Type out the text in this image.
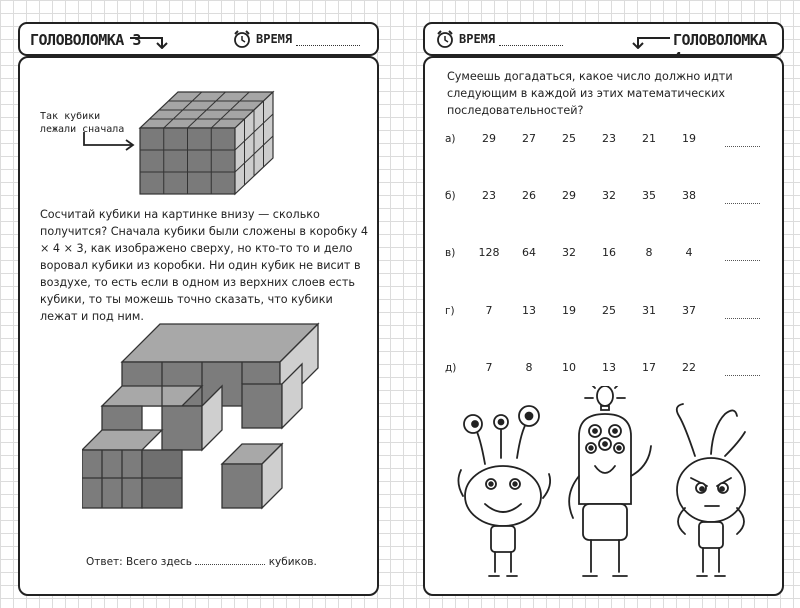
ГОЛОВОЛОМКА 3	ВРЕМЯ	ВРЕМЯ	ГОЛОВОЛОМКА
Так кубики лежали сначала
Сосчитай кубики на картинке внизу — сколько получится? Сначала кубики были сложены в коробку 4 × 4 × 3, как изображено сверху, но кто-то то и дело воровал кубики из коробки. Ни один кубик не висит в воздухе, то есть если в одном из верхних слоев есть кубики, то ты можешь точно сказать, что кубики лежат и под ним.
Ответ: Всего здесь	кубиков.
Сумеешь догадаться, какое число должно идти следующим в каждой из этих математических последовательностей?
а)	29	27	25	23	21	19
б)	23	26	29	32	35	38
в)	128	64	32	16	8	4
г)	7	13	19	25	31	37
д)	7	8	10	13	17	22
